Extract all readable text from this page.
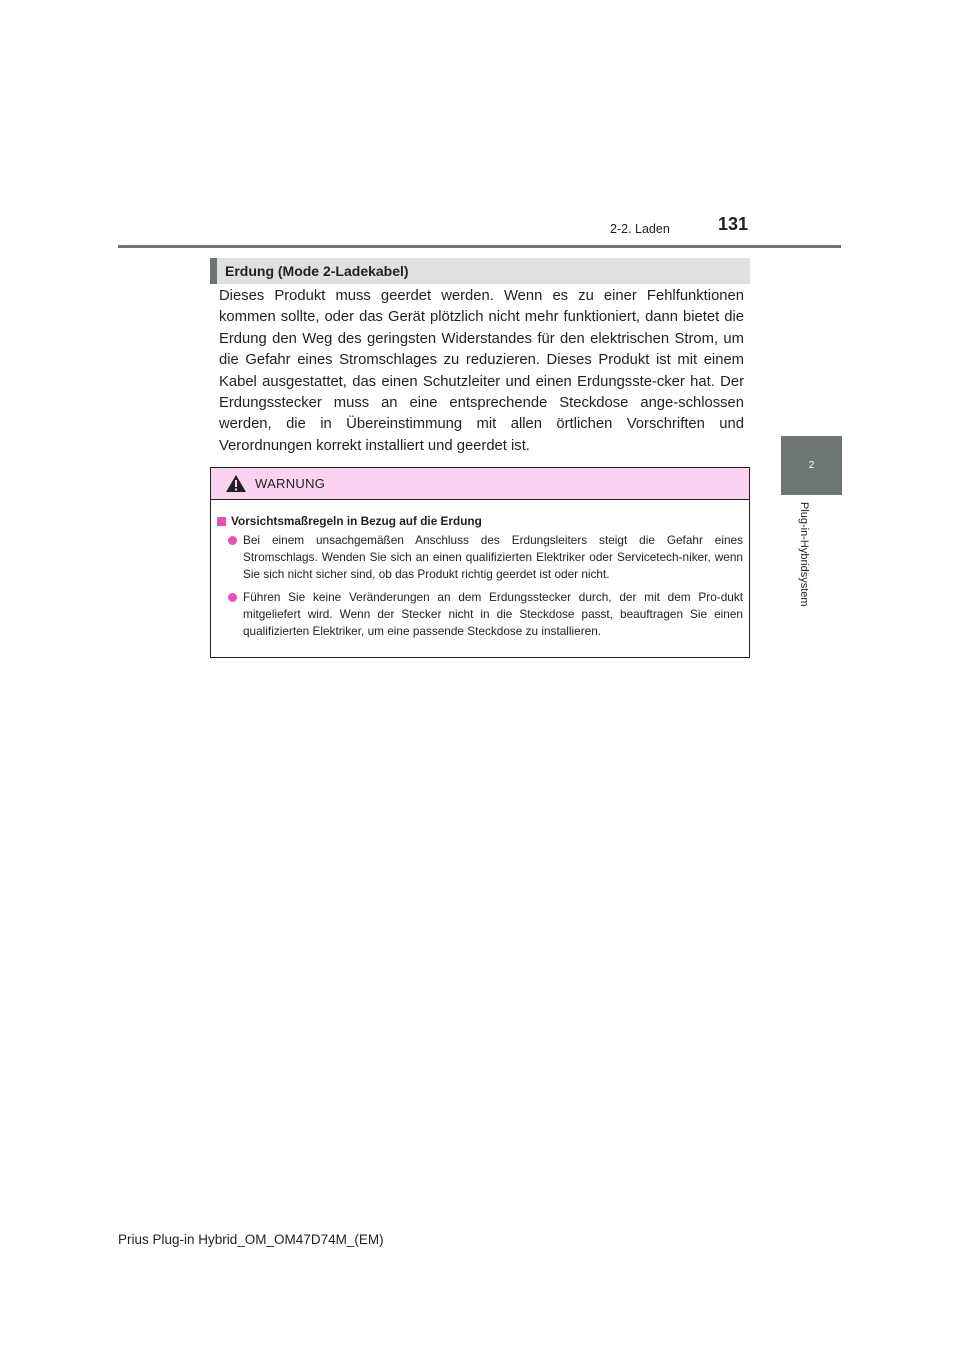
2-2. Laden	131
2
Plug-in-Hybridsystem
Erdung (Mode 2-Ladekabel)

Dieses Produkt muss geerdet werden. Wenn es zu einer Fehlfunktionen kommen sollte, oder das Gerät plötzlich nicht mehr funktioniert, dann bietet die Erdung den Weg des geringsten Widerstandes für den elektrischen Strom, um die Gefahr eines Stromschlages zu reduzieren. Dieses Produkt ist mit einem Kabel ausgestattet, das einen Schutzleiter und einen Erdungsste-cker hat. Der Erdungsstecker muss an eine entsprechende Steckdose ange-schlossen werden, die in Übereinstimmung mit allen örtlichen Vorschriften und Verordnungen korrekt installiert und geerdet ist.

WARNUNG
Vorsichtsmaßregeln in Bezug auf die Erdung
Bei einem unsachgemäßen Anschluss des Erdungsleiters steigt die Gefahr eines Stromschlags. Wenden Sie sich an einen qualifizierten Elektriker oder Servicetech-niker, wenn Sie sich nicht sicher sind, ob das Produkt richtig geerdet ist oder nicht.
Führen Sie keine Veränderungen an dem Erdungsstecker durch, der mit dem Pro-dukt mitgeliefert wird. Wenn der Stecker nicht in die Steckdose passt, beauftragen Sie einen qualifizierten Elektriker, um eine passende Steckdose zu installieren.
Prius Plug-in Hybrid_OM_OM47D74M_(EM)
